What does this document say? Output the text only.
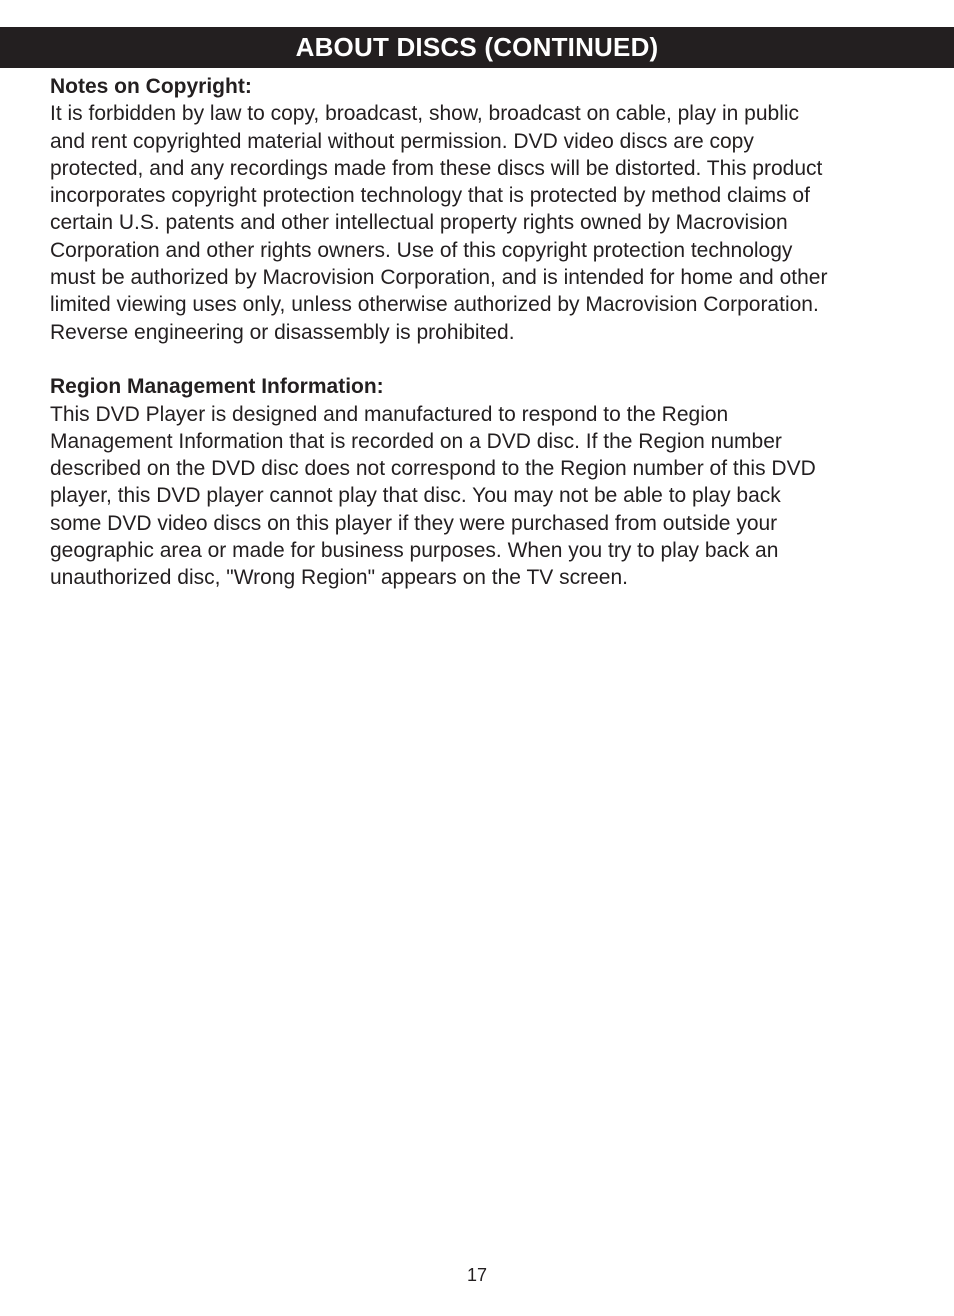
ABOUT DISCS (CONTINUED)

Notes on Copyright:

It is forbidden by law to copy, broadcast, show, broadcast on cable, play in public
and rent copyrighted material without permission. DVD video discs are copy
protected, and any recordings made from these discs will be distorted. This product
incorporates copyright protection technology that is protected by method claims of
certain U.S. patents and other intellectual property rights owned by Macrovision
Corporation and other rights owners. Use of this copyright protection technology
must be authorized by Macrovision Corporation, and is intended for home and other
limited viewing uses only, unless otherwise authorized by Macrovision Corporation.
Reverse engineering or disassembly is prohibited.

Region Management Information:

This DVD Player is designed and manufactured to respond to the Region
Management Information that is recorded on a DVD disc. If the Region number
described on the DVD disc does not correspond to the Region number of this DVD
player, this DVD player cannot play that disc. You may not be able to play back
some DVD video discs on this player if they were purchased from outside your
geographic area or made for business purposes. When you try to play back an
unauthorized disc, "Wrong Region" appears on the TV screen.

17
